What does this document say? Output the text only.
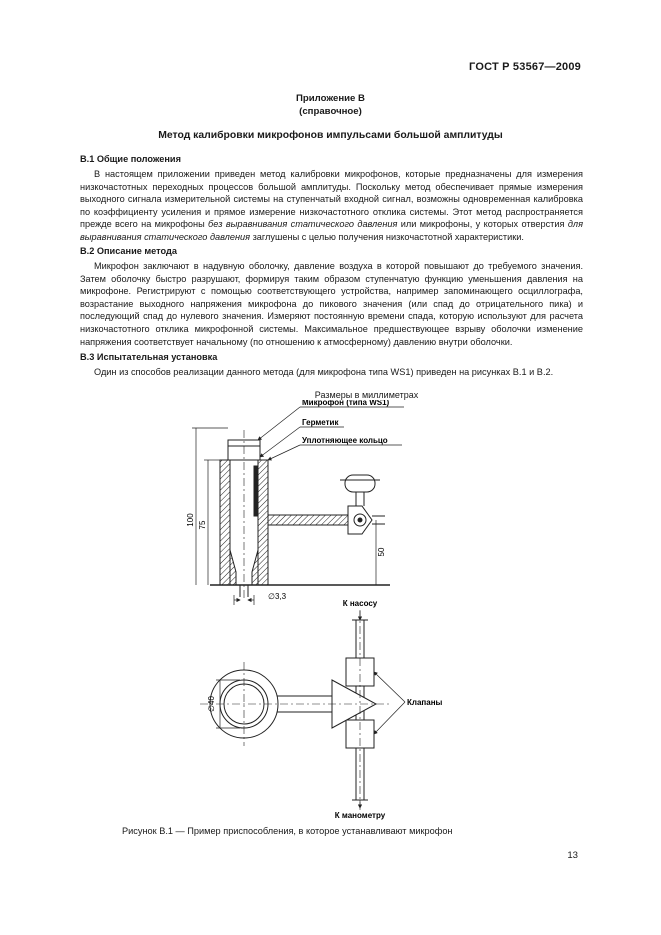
ГОСТ Р 53567—2009
Приложение В
(справочное)
Метод калибровки микрофонов импульсами большой амплитуды
В.1 Общие положения

В настоящем приложении приведен метод калибровки микрофонов, которые предназначены для измерения низкочастотных переходных процессов большой амплитуды. Поскольку метод обеспечивает прямые измерения выходного сигнала измерительной системы на ступенчатый входной сигнал, возможны одновременная калибровка по коэффициенту усиления и прямое измерение низкочастотного отклика системы. Этот метод распространяется прежде всего на микрофоны без выравнивания статического давления или микрофоны, у которых отверстия для выравнивания статического давления заглушены с целью получения низкочастотной характеристики.

В.2 Описание метода

Микрофон заключают в надувную оболочку, давление воздуха в которой повышают до требуемого значения. Затем оболочку быстро разрушают, формируя таким образом ступенчатую функцию уменьшения давления на микрофоне. Регистрируют с помощью соответствующего устройства, например запоминающего осциллографа, возрастание выходного напряжения микрофона до пикового значения (или спад до отрицательного пика) и последующий спад до нулевого значения. Измеряют постоянную времени спада, которую используют для расчета низкочастотного отклика микрофонной системы. Максимальное предшествующее взрыву оболочки изменение напряжения соответствует начальному (по отношению к атмосферному) давлению внутри оболочки.

В.3 Испытательная установка

Один из способов реализации данного метода (для микрофона типа WS1) приведен на рисунках В.1 и В.2.

Размеры в миллиметрах
100 75
50
∅3,3
Микрофон (типа WS1)
Герметик
Уплотняющее кольцо
∅40	Клапаны
К насосу
К манометру
Рисунок В.1 — Пример приспособления, в которое устанавливают микрофон
13
